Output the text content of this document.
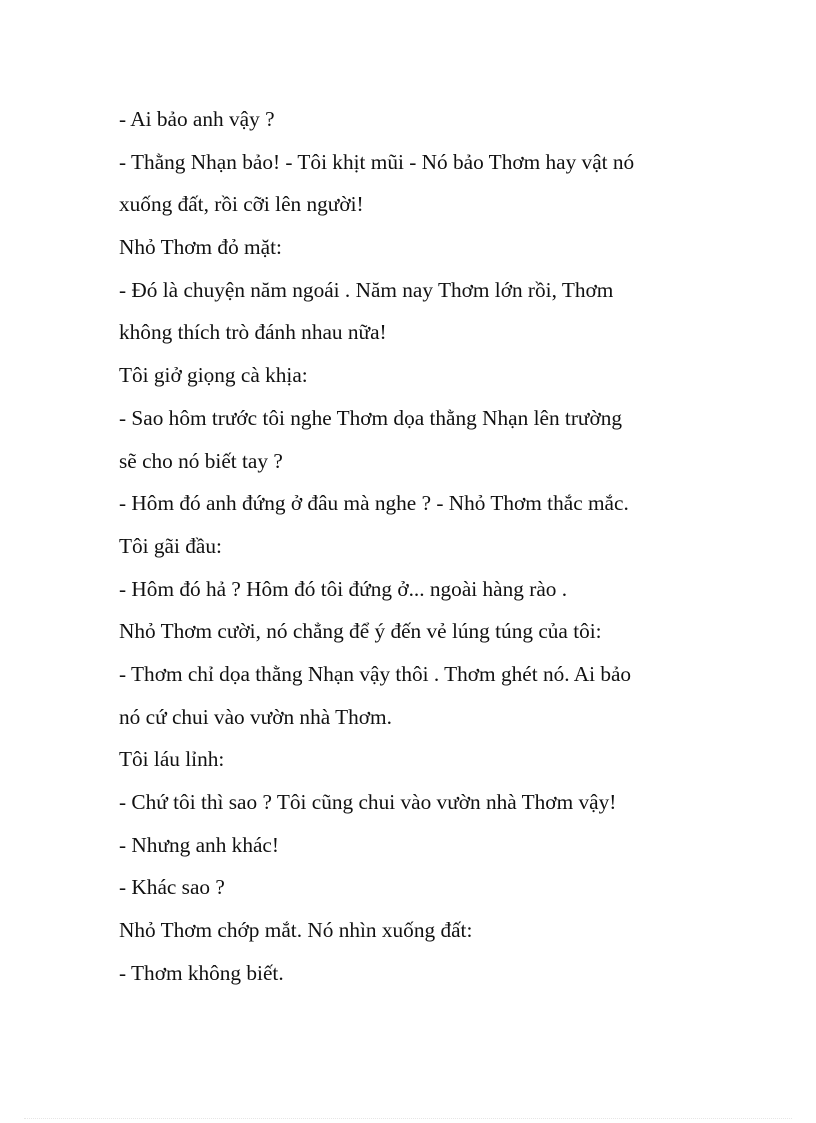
- Ai bảo anh vậy ?
- Thằng Nhạn bảo! - Tôi khịt mũi - Nó bảo Thơm hay vật nó
xuống đất, rồi cỡi lên người!
Nhỏ Thơm đỏ mặt:
- Đó là chuyện năm ngoái . Năm nay Thơm lớn rồi, Thơm
không thích trò đánh nhau nữa!
Tôi giở giọng cà khịa:
- Sao hôm trước tôi nghe Thơm dọa thằng Nhạn lên trường
sẽ cho nó biết tay ?
- Hôm đó anh đứng ở đâu mà nghe ? - Nhỏ Thơm thắc mắc.
Tôi gãi đầu:
- Hôm đó hả ? Hôm đó tôi đứng ở... ngoài hàng rào .
Nhỏ Thơm cười, nó chẳng để ý đến vẻ lúng túng của tôi:
- Thơm chỉ dọa thằng Nhạn vậy thôi . Thơm ghét nó. Ai bảo
nó cứ chui vào vườn nhà Thơm.
Tôi láu lỉnh:
- Chứ tôi thì sao ? Tôi cũng chui vào vườn nhà Thơm vậy!
- Nhưng anh khác!
- Khác sao ?
Nhỏ Thơm chớp mắt. Nó nhìn xuống đất:
- Thơm không biết.
